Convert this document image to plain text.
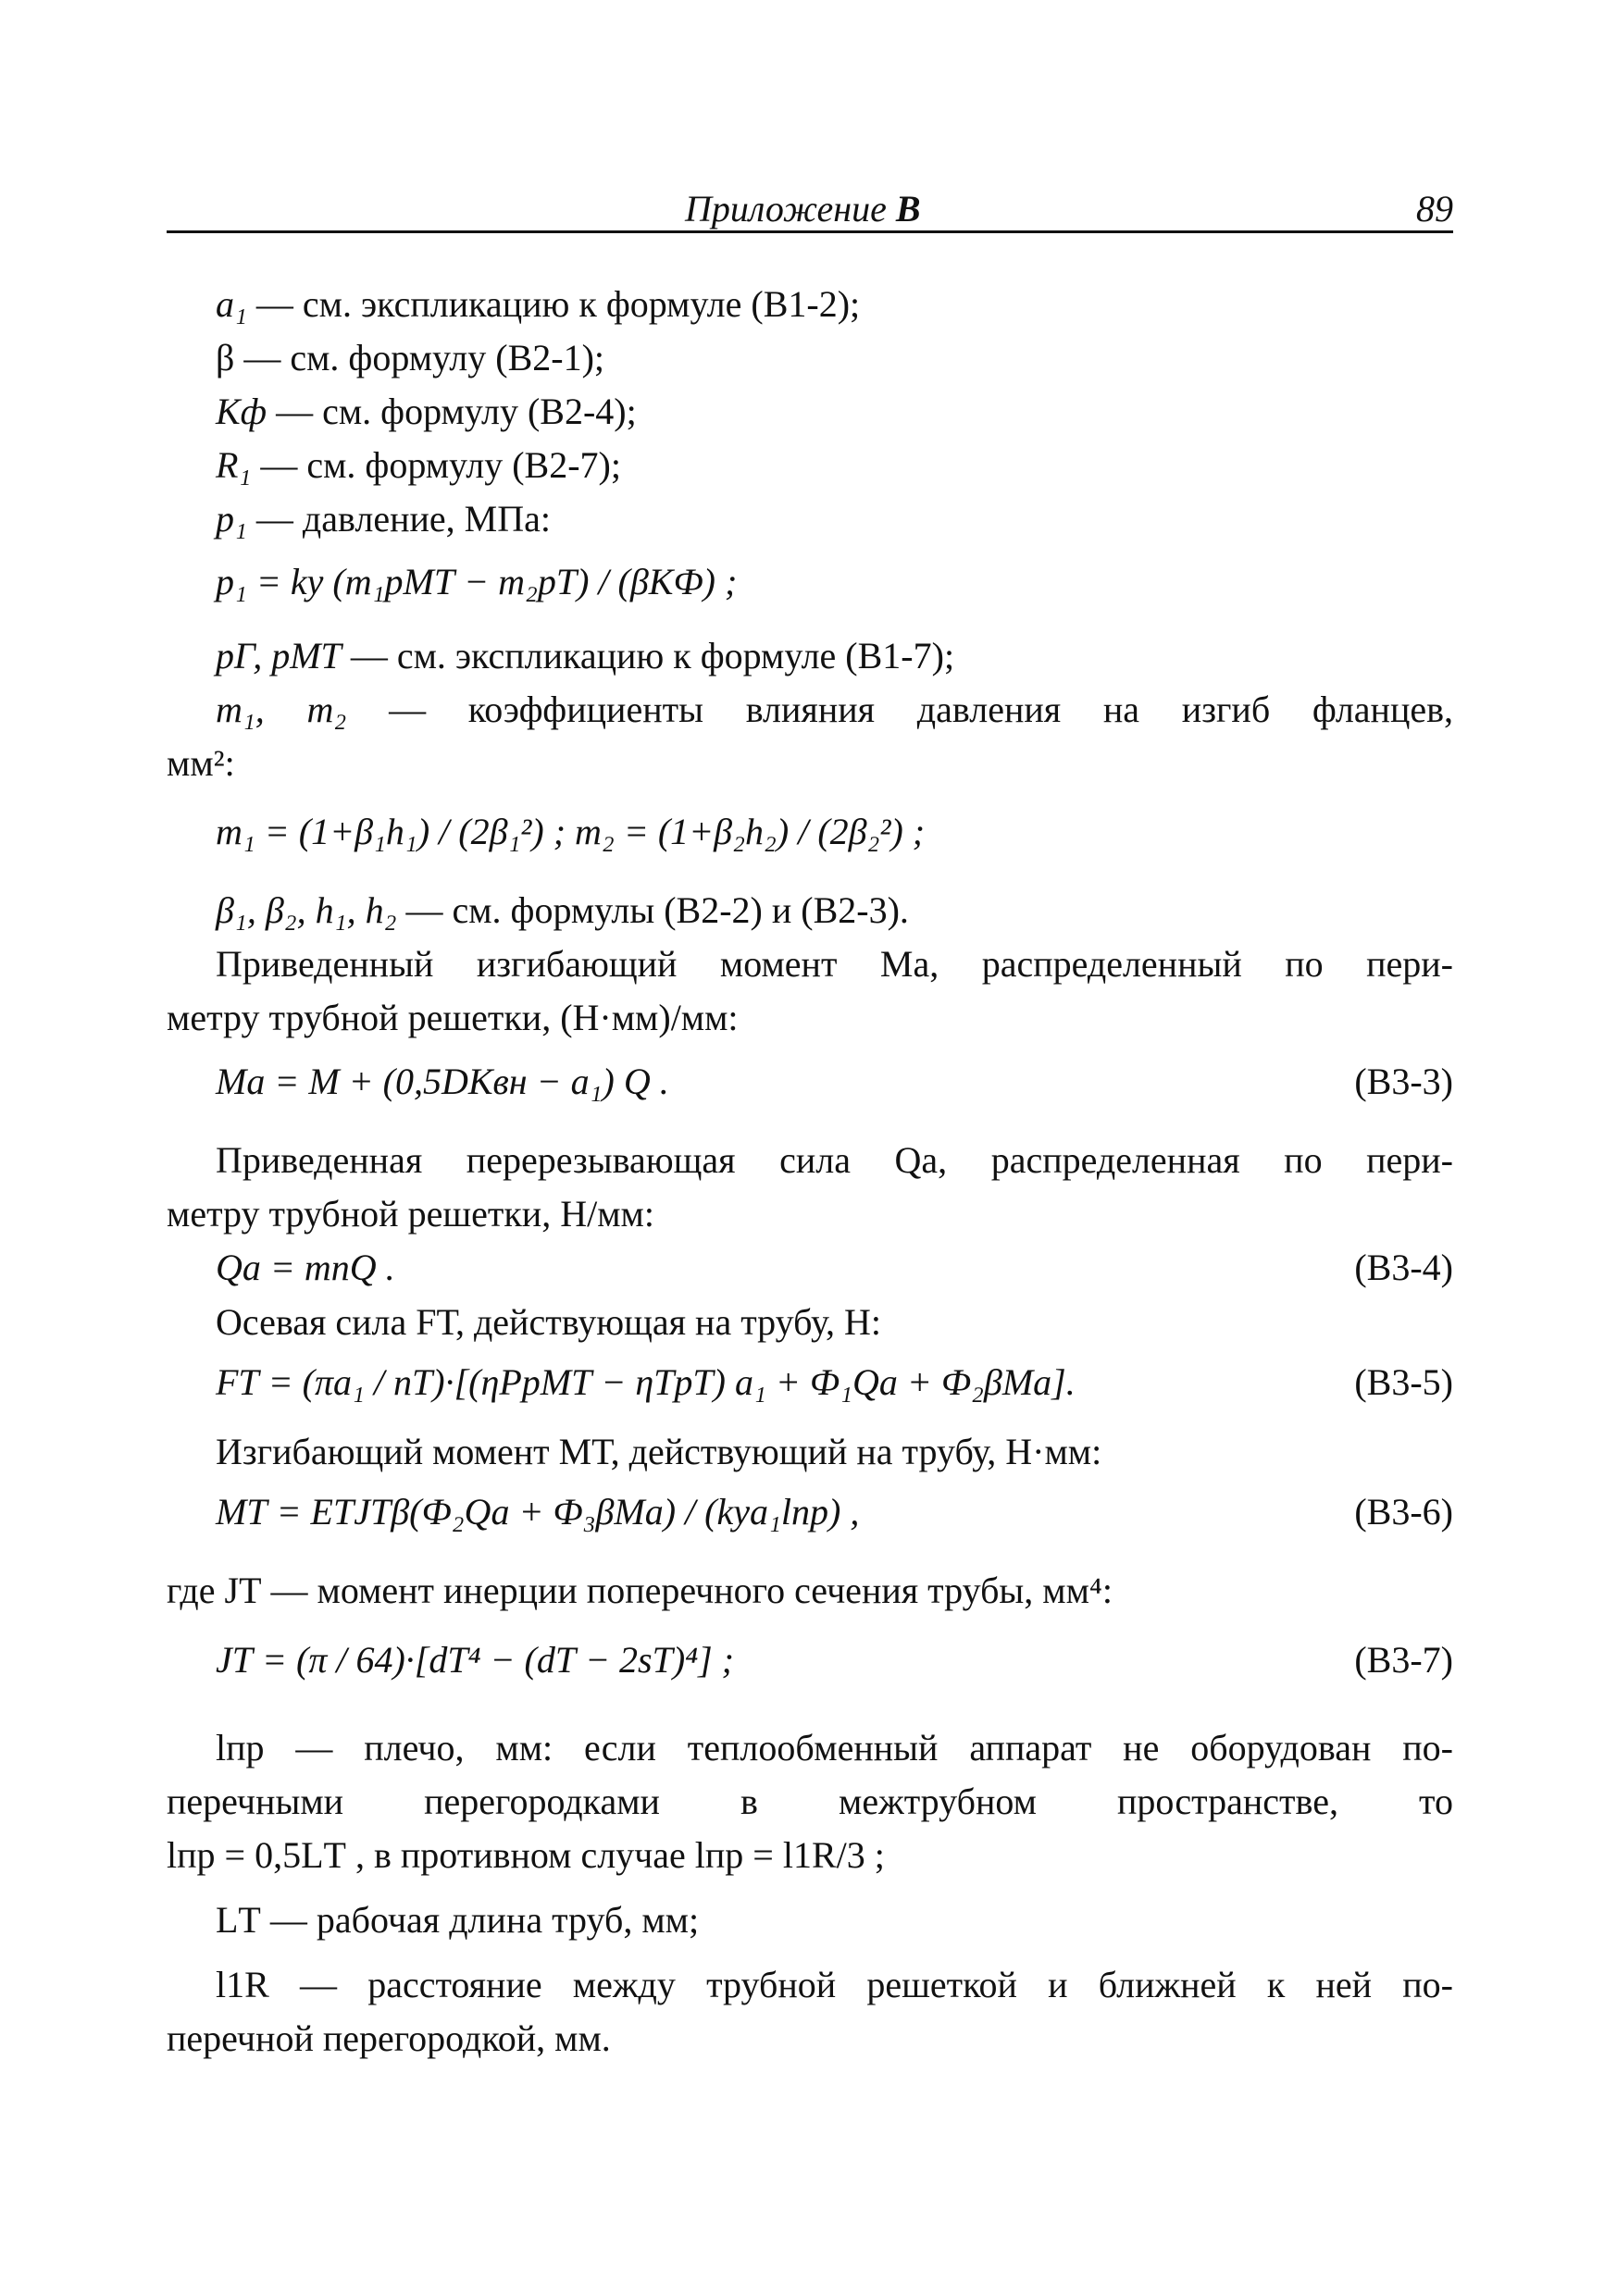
Приложение В	89
a₁ — см. экспликацию к формуле (В1-2);
β — см. формулу (В2-1);
Kф — см. формулу (В2-4);
R₁ — см. формулу (В2-7);
p₁ — давление, МПа:
p₁ = kу (m₁pМТ − m₂pТ) / (βKФ) ;
pГ, pМТ — см. экспликацию к формуле (В1-7);
m₁, m₂ — коэффициенты влияния давления на изгиб фланцев,
мм²:
m₁ = (1+β₁h₁) / (2β₁²) ; m₂ = (1+β₂h₂) / (2β₂²) ;
β₁, β₂, h₁, h₂ — см. формулы (В2-2) и (В2-3).
Приведенный изгибающий момент Mа, распределенный по пери-
метру трубной решетки, (Н·мм)/мм:
Mа = M + (0,5DКвн − a₁) Q .	(В3-3)
Приведенная перерезывающая сила Qа, распределенная по пери-
метру трубной решетки, Н/мм:
Qа = mпQ .	(В3-4)
Осевая сила FТ, действующая на трубу, Н:
FТ = (πa₁ / nТ)·[(ηРpМТ − ηТpТ) a₁ + Ф₁Qа + Ф₂βMа].	(В3-5)
Изгибающий момент MТ, действующий на трубу, Н·мм:
MТ = EТJТβ(Ф₂Qa + Ф₃βMa) / (kya₁lnp) ,	(В3-6)
где JТ — момент инерции поперечного сечения трубы, мм⁴:
JТ = (π / 64)·[dТ⁴ − (dТ − 2sТ)⁴] ;	(В3-7)
lпр — плечо, мм: если теплообменный аппарат не оборудован по-
перечными перегородками в межтрубном пространстве, то
lпр = 0,5LТ , в противном случае lпр = l1R/3 ;
LТ — рабочая длина труб, мм;
l1R — расстояние между трубной решеткой и ближней к ней по-
перечной перегородкой, мм.
